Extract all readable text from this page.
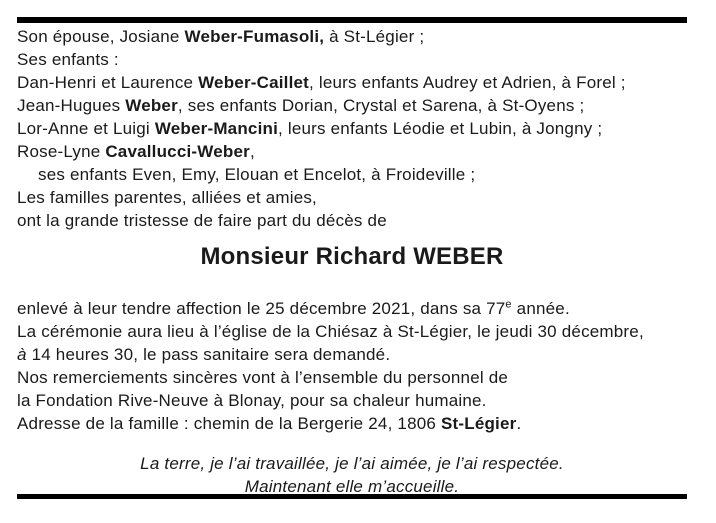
Son épouse, Josiane Weber-Fumasoli, à St-Légier ;
Ses enfants :
Dan-Henri et Laurence Weber-Caillet, leurs enfants Audrey et Adrien, à Forel ;
Jean-Hugues Weber, ses enfants Dorian, Crystal et Sarena, à St-Oyens ;
Lor-Anne et Luigi Weber-Mancini, leurs enfants Léodie et Lubin, à Jongny ;
Rose-Lyne Cavallucci-Weber,
ses enfants Even, Emy, Elouan et Encelot, à Froideville ;
Les familles parentes, alliées et amies,
ont la grande tristesse de faire part du décès de
Monsieur Richard WEBER
enlevé à leur tendre affection le 25 décembre 2021, dans sa 77e année.
La cérémonie aura lieu à l’église de la Chiésaz à St-Légier, le jeudi 30 décembre,
à 14 heures 30, le pass sanitaire sera demandé.
Nos remerciements sincères vont à l’ensemble du personnel de
la Fondation Rive-Neuve à Blonay, pour sa chaleur humaine.
Adresse de la famille : chemin de la Bergerie 24, 1806 St-Légier.
La terre, je l’ai travaillée, je l’ai aimée, je l’ai respectée.
Maintenant elle m’accueille.
